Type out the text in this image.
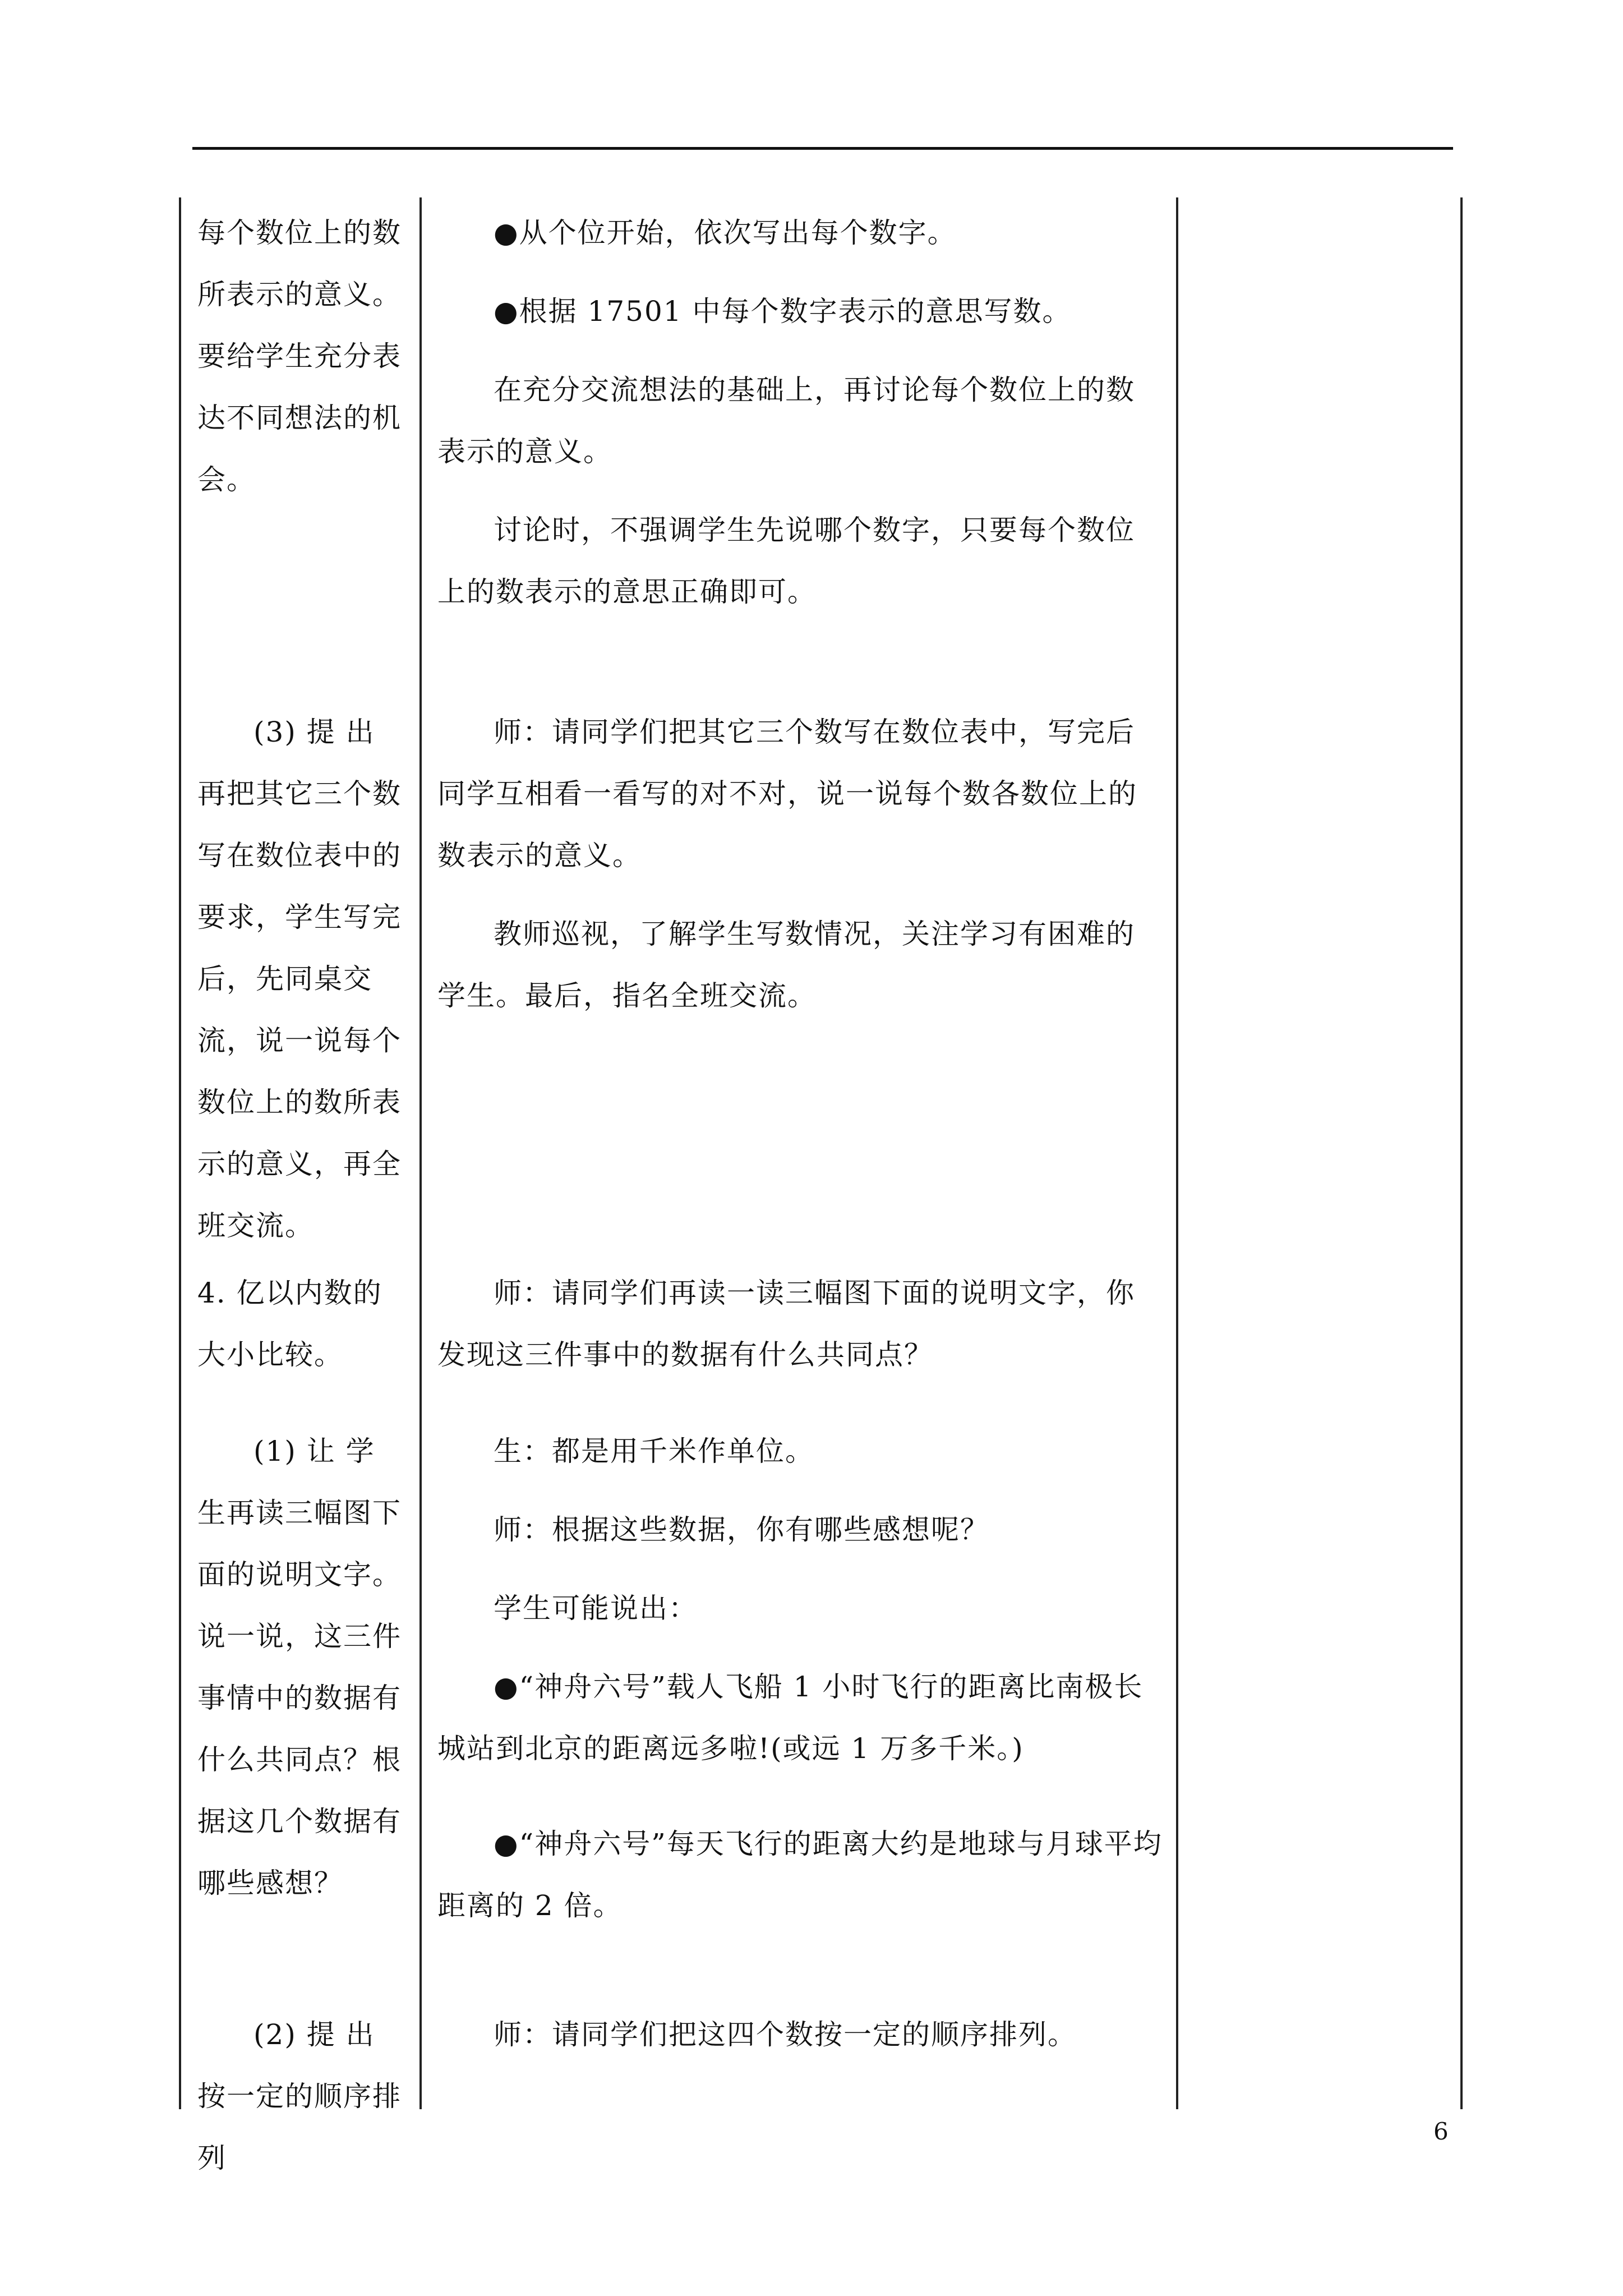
每个数位上的数所表示的意义。要给学生充分表达不同想法的机会。

(3) 提 出 再把其它三个数写在数位表中的要求，学生写完后，先同桌交流，说一说每个数位上的数所表示的意义，再全班交流。

4. 亿以内数的大小比较。

(1) 让 学 生再读三幅图下面的说明文字。说一说，这三件事情中的数据有什么共同点？根据这几个数据有哪些感想？

(2) 提 出 按一定的顺序排列

●从个位开始，依次写出每个数字。

●根据 17501 中每个数字表示的意思写数。

在充分交流想法的基础上，再讨论每个数位上的数表示的意义。

讨论时，不强调学生先说哪个数字，只要每个数位上的数表示的意思正确即可。

师：请同学们把其它三个数写在数位表中，写完后同学互相看一看写的对不对，说一说每个数各数位上的数表示的意义。

教师巡视，了解学生写数情况，关注学习有困难的学生。最后，指名全班交流。

师：请同学们再读一读三幅图下面的说明文字，你发现这三件事中的数据有什么共同点？

生：都是用千米作单位。

师：根据这些数据，你有哪些感想呢？

学生可能说出：

●“神舟六号”载人飞船 1 小时飞行的距离比南极长城站到北京的距离远多啦!(或远 1 万多千米。)

●“神舟六号”每天飞行的距离大约是地球与月球平均距离的 2 倍。

师：请同学们把这四个数按一定的顺序排列。

6
